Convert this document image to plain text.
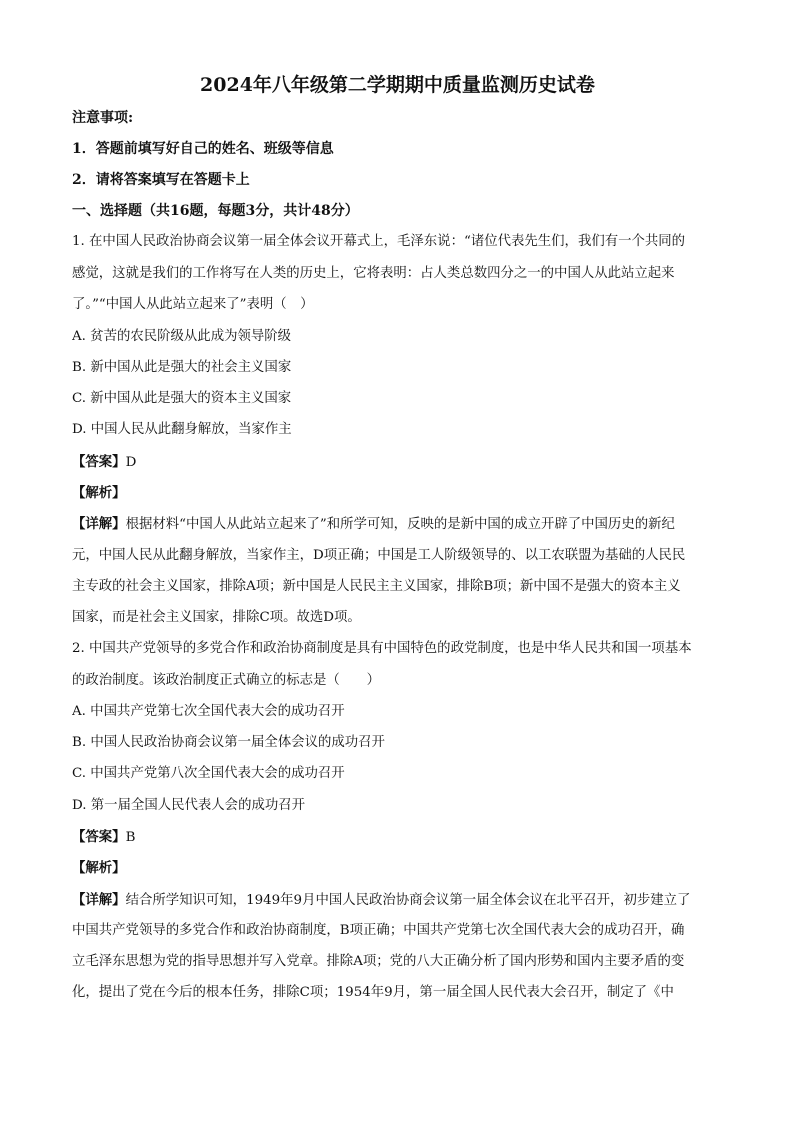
2024年八年级第二学期期中质量监测历史试卷
注意事项:
1．答题前填写好自己的姓名、班级等信息
2．请将答案填写在答题卡上
一、选择题（共16题，每题3分，共计48分）
1. 在中国人民政治协商会议第一届全体会议开幕式上，毛泽东说：“诸位代表先生们，我们有一个共同的
感觉，这就是我们的工作将写在人类的历史上，它将表明：占人类总数四分之一的中国人从此站立起来
了。”“中国人从此站立起来了”表明（　）
A. 贫苦的农民阶级从此成为领导阶级
B. 新中国从此是强大的社会主义国家
C. 新中国从此是强大的资本主义国家
D. 中国人民从此翻身解放，当家作主
【答案】D
【解析】
【详解】根据材料“中国人从此站立起来了”和所学可知，反映的是新中国的成立开辟了中国历史的新纪
元，中国人民从此翻身解放，当家作主，D项正确；中国是工人阶级领导的、以工农联盟为基础的人民民
主专政的社会主义国家，排除A项；新中国是人民民主主义国家，排除B项；新中国不是强大的资本主义
国家，而是社会主义国家，排除C项。故选D项。
2. 中国共产党领导的多党合作和政治协商制度是具有中国特色的政党制度，也是中华人民共和国一项基本
的政治制度。该政治制度正式确立的标志是（　　）
A. 中国共产党第七次全国代表大会的成功召开
B. 中国人民政治协商会议第一届全体会议的成功召开
C. 中国共产党第八次全国代表大会的成功召开
D. 第一届全国人民代表人会的成功召开
【答案】B
【解析】
【详解】结合所学知识可知，1949年9月中国人民政治协商会议第一届全体会议在北平召开，初步建立了
中国共产党领导的多党合作和政治协商制度，B项正确；中国共产党第七次全国代表大会的成功召开，确
立毛泽东思想为党的指导思想并写入党章。排除A项；党的八大正确分析了国内形势和国内主要矛盾的变
化，提出了党在今后的根本任务，排除C项；1954年9月，第一届全国人民代表大会召开，制定了《中
